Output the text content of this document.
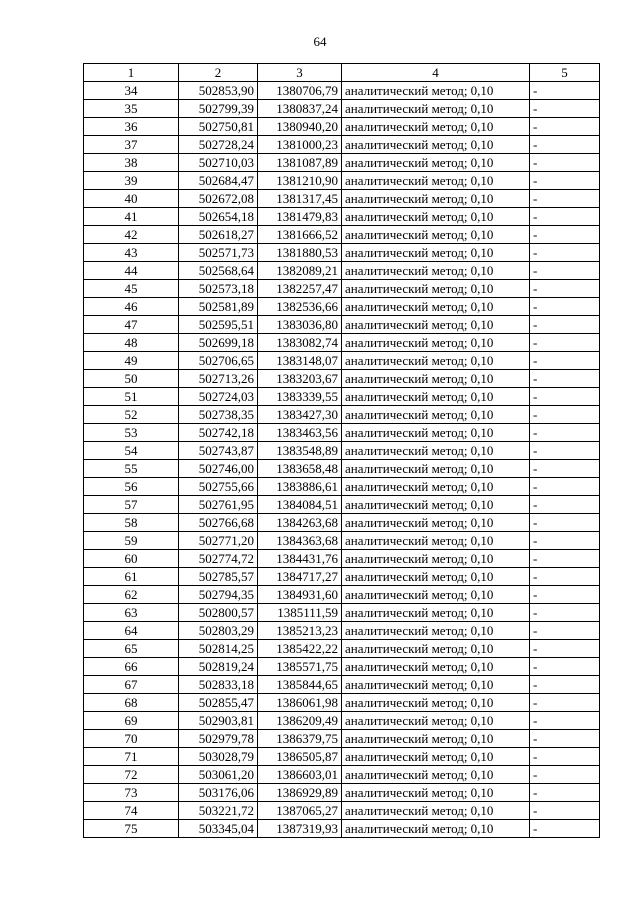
64
1	2	3	4	5
34	502853,90	1380706,79	аналитический метод; 0,10	-
35	502799,39	1380837,24	аналитический метод; 0,10	-
36	502750,81	1380940,20	аналитический метод; 0,10	-
37	502728,24	1381000,23	аналитический метод; 0,10	-
38	502710,03	1381087,89	аналитический метод; 0,10	-
39	502684,47	1381210,90	аналитический метод; 0,10	-
40	502672,08	1381317,45	аналитический метод; 0,10	-
41	502654,18	1381479,83	аналитический метод; 0,10	-
42	502618,27	1381666,52	аналитический метод; 0,10	-
43	502571,73	1381880,53	аналитический метод; 0,10	-
44	502568,64	1382089,21	аналитический метод; 0,10	-
45	502573,18	1382257,47	аналитический метод; 0,10	-
46	502581,89	1382536,66	аналитический метод; 0,10	-
47	502595,51	1383036,80	аналитический метод; 0,10	-
48	502699,18	1383082,74	аналитический метод; 0,10	-
49	502706,65	1383148,07	аналитический метод; 0,10	-
50	502713,26	1383203,67	аналитический метод; 0,10	-
51	502724,03	1383339,55	аналитический метод; 0,10	-
52	502738,35	1383427,30	аналитический метод; 0,10	-
53	502742,18	1383463,56	аналитический метод; 0,10	-
54	502743,87	1383548,89	аналитический метод; 0,10	-
55	502746,00	1383658,48	аналитический метод; 0,10	-
56	502755,66	1383886,61	аналитический метод; 0,10	-
57	502761,95	1384084,51	аналитический метод; 0,10	-
58	502766,68	1384263,68	аналитический метод; 0,10	-
59	502771,20	1384363,68	аналитический метод; 0,10	-
60	502774,72	1384431,76	аналитический метод; 0,10	-
61	502785,57	1384717,27	аналитический метод; 0,10	-
62	502794,35	1384931,60	аналитический метод; 0,10	-
63	502800,57	1385111,59	аналитический метод; 0,10	-
64	502803,29	1385213,23	аналитический метод; 0,10	-
65	502814,25	1385422,22	аналитический метод; 0,10	-
66	502819,24	1385571,75	аналитический метод; 0,10	-
67	502833,18	1385844,65	аналитический метод; 0,10	-
68	502855,47	1386061,98	аналитический метод; 0,10	-
69	502903,81	1386209,49	аналитический метод; 0,10	-
70	502979,78	1386379,75	аналитический метод; 0,10	-
71	503028,79	1386505,87	аналитический метод; 0,10	-
72	503061,20	1386603,01	аналитический метод; 0,10	-
73	503176,06	1386929,89	аналитический метод; 0,10	-
74	503221,72	1387065,27	аналитический метод; 0,10	-
75	503345,04	1387319,93	аналитический метод; 0,10	-
